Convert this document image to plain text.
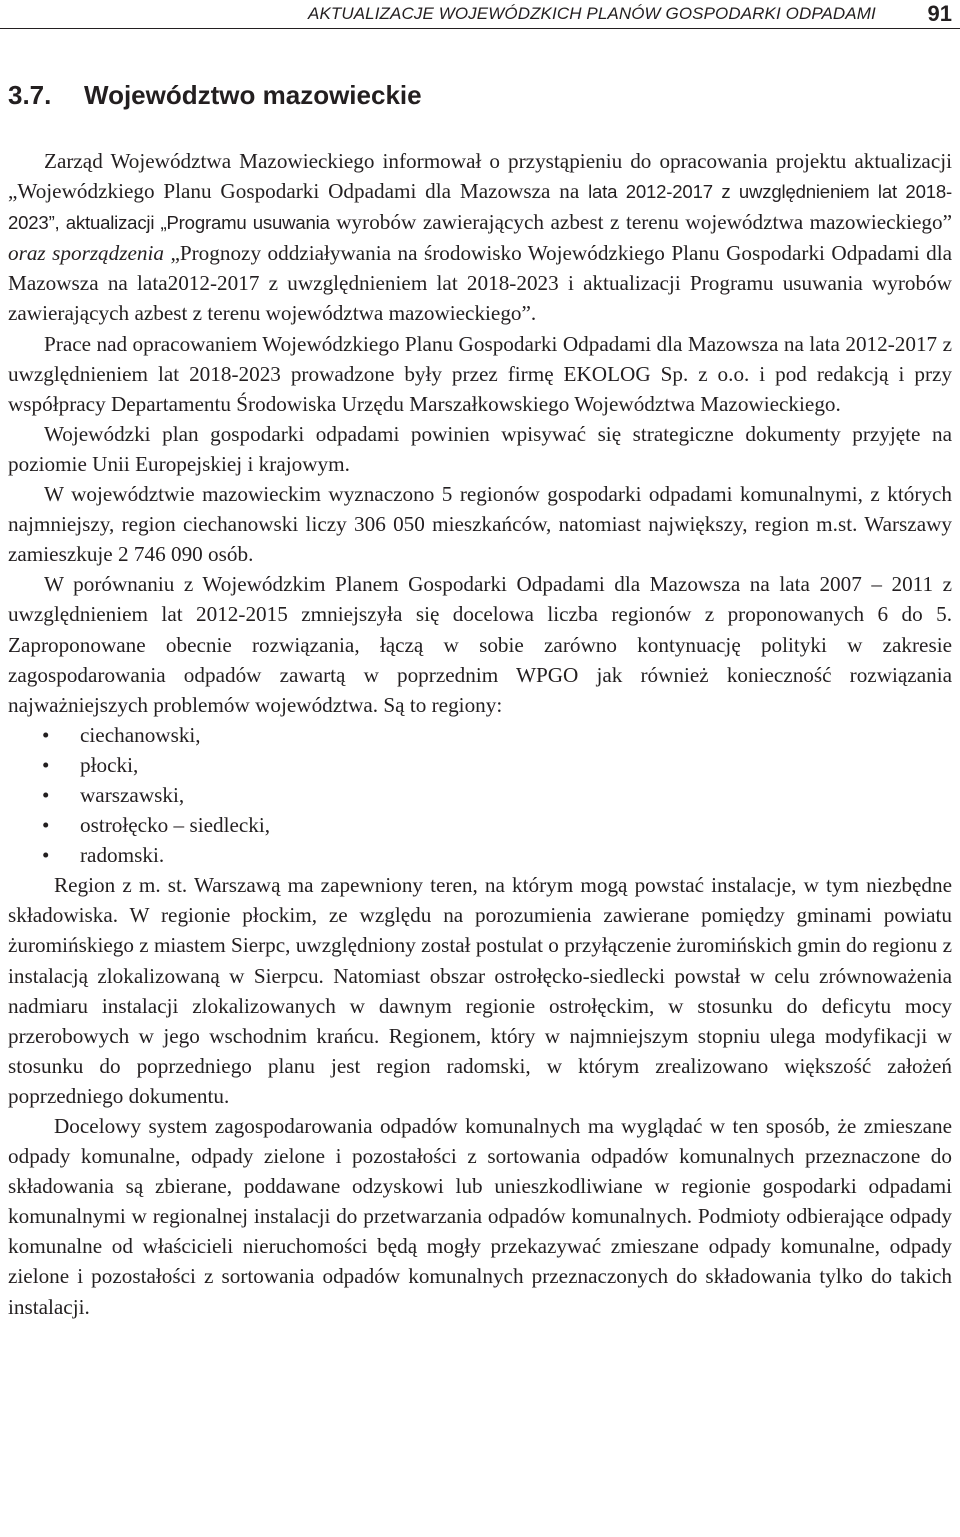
AKTUALIZACJE WOJEWÓDZKICH PLANÓW GOSPODARKI ODPADAMI 91
3.7. Województwo mazowieckie

Zarząd Województwa Mazowieckiego informował o przystąpieniu do opracowania projektu aktualizacji „Wojewódzkiego Planu Gospodarki Odpadami dla Mazowsza na lata 2012-2017 z uwzględnieniem lat 2018-2023”, aktualizacji „Programu usuwania wyrobów zawierających azbest z terenu województwa mazowieckiego” oraz sporządzenia „Prognozy oddziaływania na środowisko Wojewódzkiego Planu Gospodarki Odpadami dla Mazowsza na lata2012-2017 z uwzględnieniem lat 2018-2023 i aktualizacji Programu usuwania wyrobów zawierających azbest z terenu województwa mazowieckiego”.

Prace nad opracowaniem Wojewódzkiego Planu Gospodarki Odpadami dla Mazowsza na lata 2012-2017 z uwzględnieniem lat 2018-2023 prowadzone były przez firmę EKOLOG Sp. z o.o. i pod redakcją i przy współpracy Departamentu Środowiska Urzędu Marszałkowskiego Województwa Mazowieckiego.

Wojewódzki plan gospodarki odpadami powinien wpisywać się strategiczne dokumenty przyjęte na poziomie Unii Europejskiej i krajowym.

W województwie mazowieckim wyznaczono 5 regionów gospodarki odpadami komunalnymi, z których najmniejszy, region ciechanowski liczy 306 050 mieszkańców, natomiast największy, region m.st. Warszawy zamieszkuje 2 746 090 osób.

W porównaniu z Wojewódzkim Planem Gospodarki Odpadami dla Mazowsza na lata 2007 – 2011 z uwzględnieniem lat 2012-2015 zmniejszyła się docelowa liczba regionów z proponowanych 6 do 5. Zaproponowane obecnie rozwiązania, łączą w sobie zarówno kontynuację polityki w zakresie zagospodarowania odpadów zawartą w poprzednim WPGO jak również konieczność rozwiązania najważniejszych problemów województwa. Są to regiony:

• ciechanowski,
• płocki,
• warszawski,
• ostrołęcko – siedlecki,
• radomski.

Region z m. st. Warszawą ma zapewniony teren, na którym mogą powstać instalacje, w tym niezbędne składowiska. W regionie płockim, ze względu na porozumienia zawierane pomiędzy gminami powiatu żuromińskiego z miastem Sierpc, uwzględniony został postulat o przyłączenie żuromińskich gmin do regionu z instalacją zlokalizowaną w Sierpcu. Natomiast obszar ostrołęcko-siedlecki powstał w celu zrównoważenia nadmiaru instalacji zlokalizowanych w dawnym regionie ostrołęckim, w stosunku do deficytu mocy przerobowych w jego wschodnim krańcu. Regionem, który w najmniejszym stopniu ulega modyfikacji w stosunku do poprzedniego planu jest region radomski, w którym zrealizowano większość założeń poprzedniego dokumentu.

Docelowy system zagospodarowania odpadów komunalnych ma wyglądać w ten sposób, że zmieszane odpady komunalne, odpady zielone i pozostałości z sortowania odpadów komunalnych przeznaczone do składowania są zbierane, poddawane odzyskowi lub unieszkodliwiane w regionie gospodarki odpadami komunalnymi w regionalnej instalacji do przetwarzania odpadów komunalnych. Podmioty odbierające odpady komunalne od właścicieli nieruchomości będą mogły przekazywać zmieszane odpady komunalne, odpady zielone i pozostałości z sortowania odpadów komunalnych przeznaczonych do składowania tylko do takich instalacji.
